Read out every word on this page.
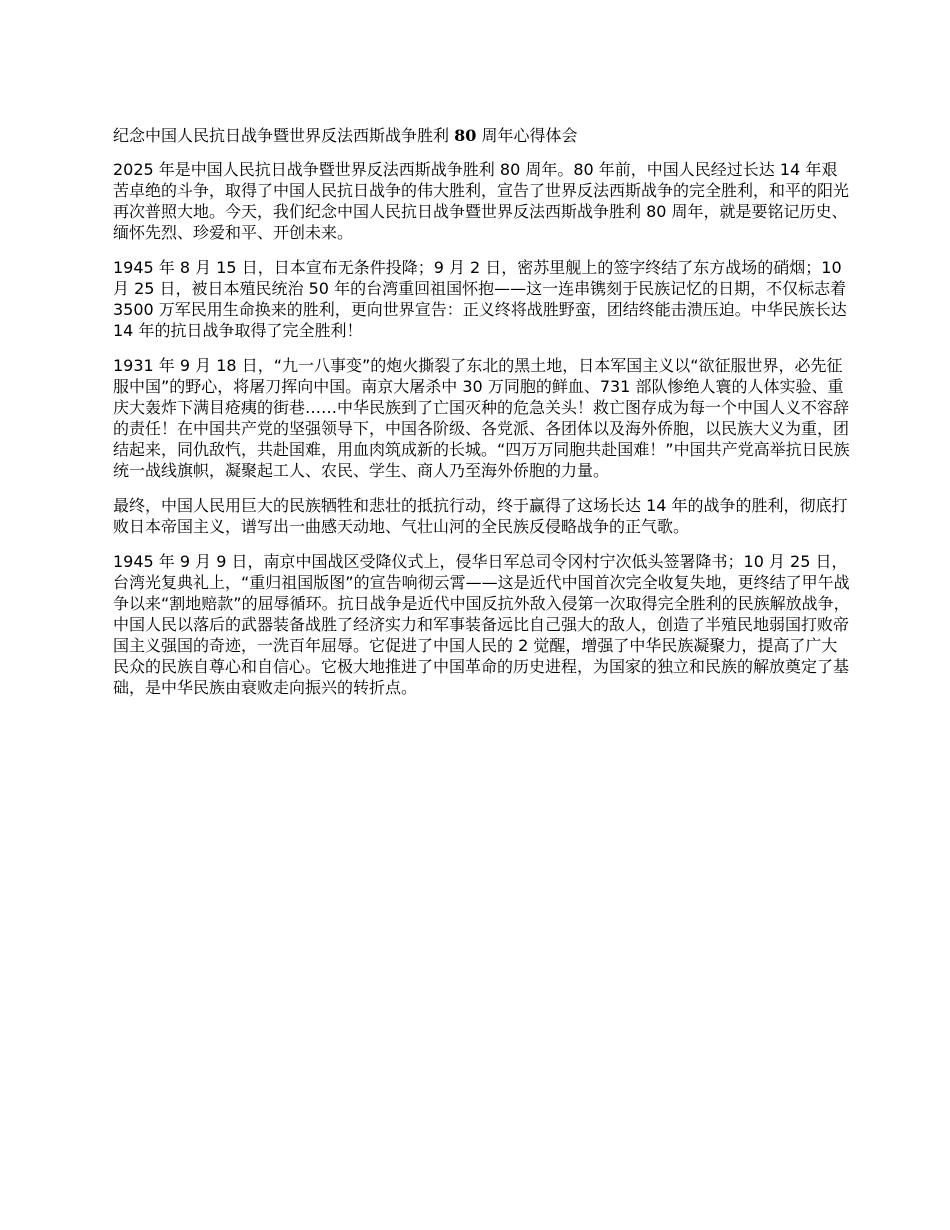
纪念中国人民抗日战争暨世界反法西斯战争胜利 80 周年心得体会

2025 年是中国人民抗日战争暨世界反法西斯战争胜利 80 周年。80 年前，中国人民经过长达 14 年艰苦卓绝的斗争，取得了中国人民抗日战争的伟大胜利，宣告了世界反法西斯战争的完全胜利，和平的阳光再次普照大地。今天，我们纪念中国人民抗日战争暨世界反法西斯战争胜利 80 周年，就是要铭记历史、缅怀先烈、珍爱和平、开创未来。

1945 年 8 月 15 日，日本宣布无条件投降；9 月 2 日，密苏里舰上的签字终结了东方战场的硝烟；10 月 25 日，被日本殖民统治 50 年的台湾重回祖国怀抱——这一连串镌刻于民族记忆的日期，不仅标志着 3500 万军民用生命换来的胜利，更向世界宣告：正义终将战胜野蛮，团结终能击溃压迫。中华民族长达 14 年的抗日战争取得了完全胜利！

1931 年 9 月 18 日，“九一八事变”的炮火撕裂了东北的黑土地，日本军国主义以“欲征服世界，必先征服中国”的野心，将屠刀挥向中国。南京大屠杀中 30 万同胞的鲜血、731 部队惨绝人寰的人体实验、重庆大轰炸下满目疮痍的街巷……中华民族到了亡国灭种的危急关头！救亡图存成为每一个中国人义不容辞的责任！在中国共产党的坚强领导下，中国各阶级、各党派、各团体以及海外侨胞，以民族大义为重，团结起来，同仇敌忾，共赴国难，用血肉筑成新的长城。“四万万同胞共赴国难！”中国共产党高举抗日民族统一战线旗帜，凝聚起工人、农民、学生、商人乃至海外侨胞的力量。

最终，中国人民用巨大的民族牺牲和悲壮的抵抗行动，终于赢得了这场长达 14 年的战争的胜利，彻底打败日本帝国主义，谱写出一曲感天动地、气壮山河的全民族反侵略战争的正气歌。

1945 年 9 月 9 日，南京中国战区受降仪式上，侵华日军总司令冈村宁次低头签署降书；10 月 25 日，台湾光复典礼上，“重归祖国版图”的宣告响彻云霄——这是近代中国首次完全收复失地，更终结了甲午战争以来“割地赔款”的屈辱循环。抗日战争是近代中国反抗外敌入侵第一次取得完全胜利的民族解放战争，中国人民以落后的武器装备战胜了经济实力和军事装备远比自己强大的敌人，创造了半殖民地弱国打败帝国主义强国的奇迹，一洗百年屈辱。它促进了中国人民的 2 觉醒，增强了中华民族凝聚力，提高了广大民众的民族自尊心和自信心。它极大地推进了中国革命的历史进程，为国家的独立和民族的解放奠定了基础，是中华民族由衰败走向振兴的转折点。
